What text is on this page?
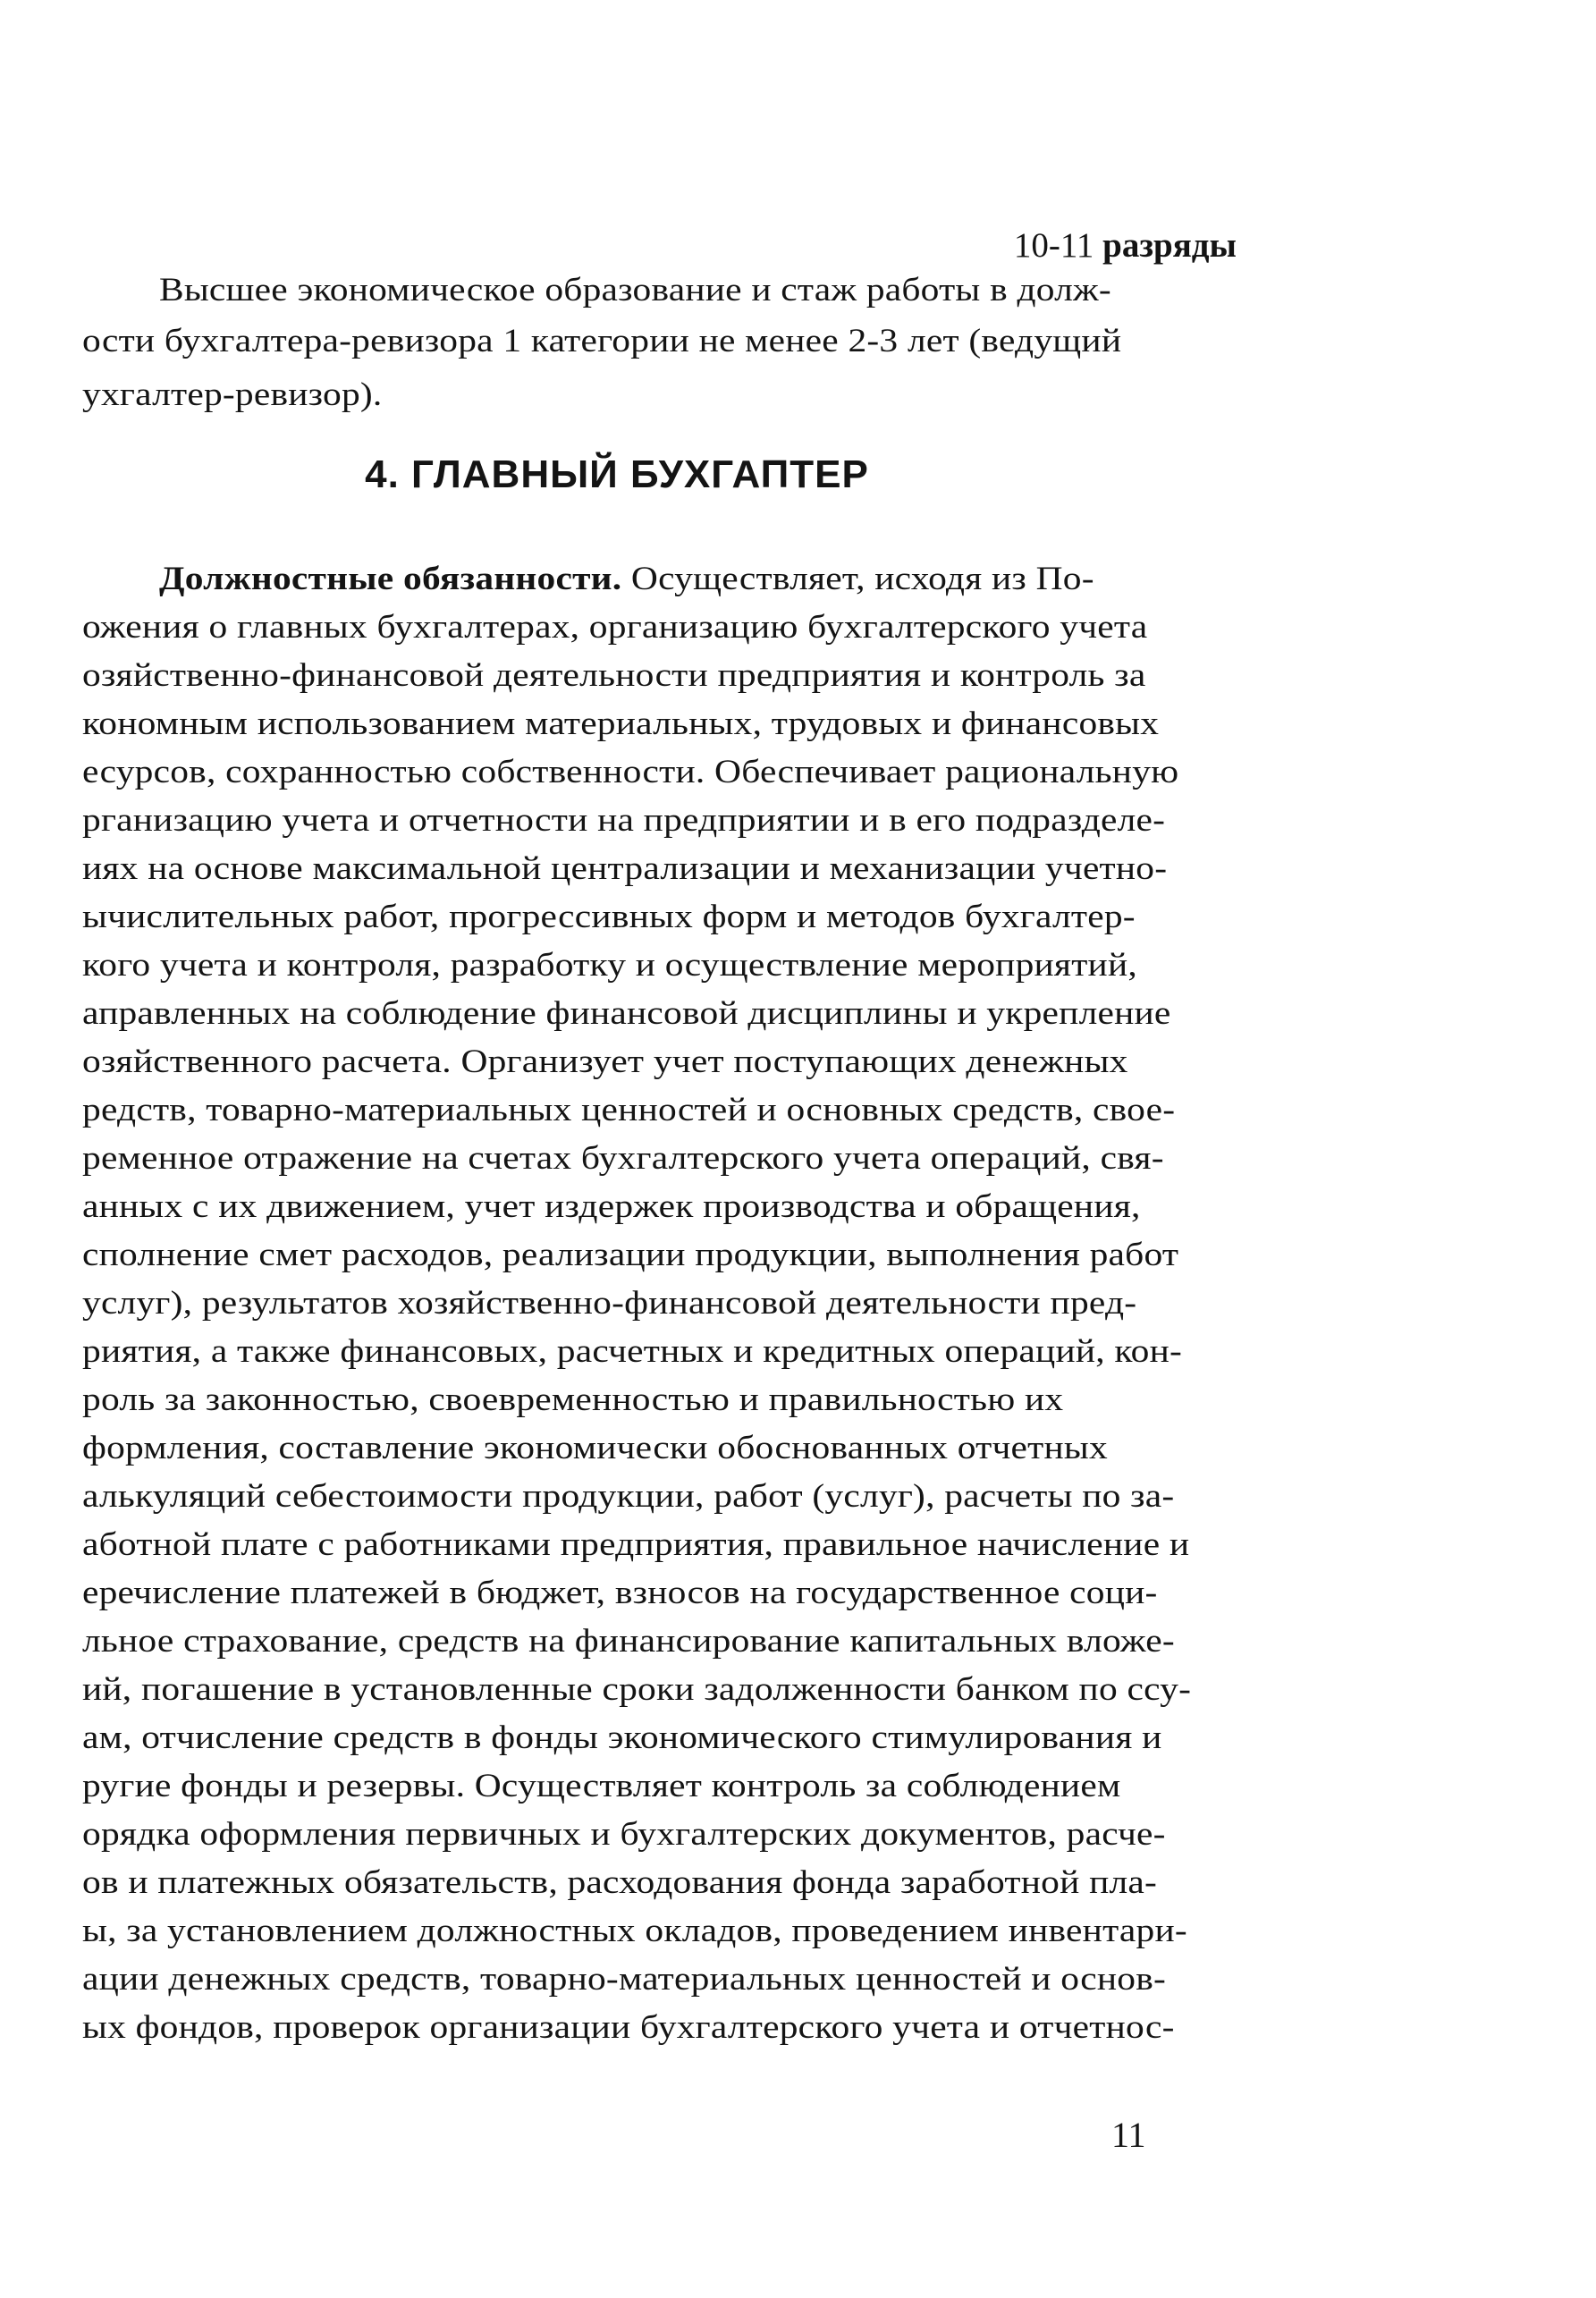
10-11 разряды
Высшее экономическое образование и стаж работы в долж-
ости бухгалтера-ревизора 1 категории не менее 2-3 лет (ведущий
ухгалтер-ревизор).
4. ГЛАВНЫЙ БУХГАПТЕР
Должностные обязанности. Осуществляет, исходя из По-
ожения о главных бухгалтерах, организацию бухгалтерского учета
озяйственно-финансовой деятельности предприятия и контроль за
кономным использованием материальных, трудовых и финансовых
есурсов, сохранностью собственности. Обеспечивает рациональную
рганизацию учета и отчетности на предприятии и в его подразделе-
иях на основе максимальной централизации и механизации учетно-
ычислительных работ, прогрессивных форм и методов бухгалтер-
кого учета и контроля, разработку и осуществление мероприятий,
аправленных на соблюдение финансовой дисциплины и укрепление
озяйственного расчета. Организует учет поступающих денежных
редств, товарно-материальных ценностей и основных средств, свое-
ременное отражение на счетах бухгалтерского учета операций, свя-
анных с их движением, учет издержек производства и обращения,
сполнение смет расходов, реализации продукции, выполнения работ
услуг), результатов хозяйственно-финансовой деятельности пред-
риятия, а также финансовых, расчетных и кредитных операций, кон-
роль за законностью, своевременностью и правильностью их
формления, составление экономически обоснованных отчетных
алькуляций себестоимости продукции, работ (услуг), расчеты по за-
аботной плате с работниками предприятия, правильное начисление и
еречисление платежей в бюджет, взносов на государственное соци-
льное страхование, средств на финансирование капитальных вложе-
ий, погашение в установленные сроки задолженности банком по ссу-
ам, отчисление средств в фонды экономического стимулирования и
ругие фонды и резервы. Осуществляет контроль за соблюдением
орядка оформления первичных и бухгалтерских документов, расче-
ов и платежных обязательств, расходования фонда заработной пла-
ы, за установлением должностных окладов, проведением инвентари-
ации денежных средств, товарно-материальных ценностей и основ-
ых фондов, проверок организации бухгалтерского учета и отчетнос-
11
